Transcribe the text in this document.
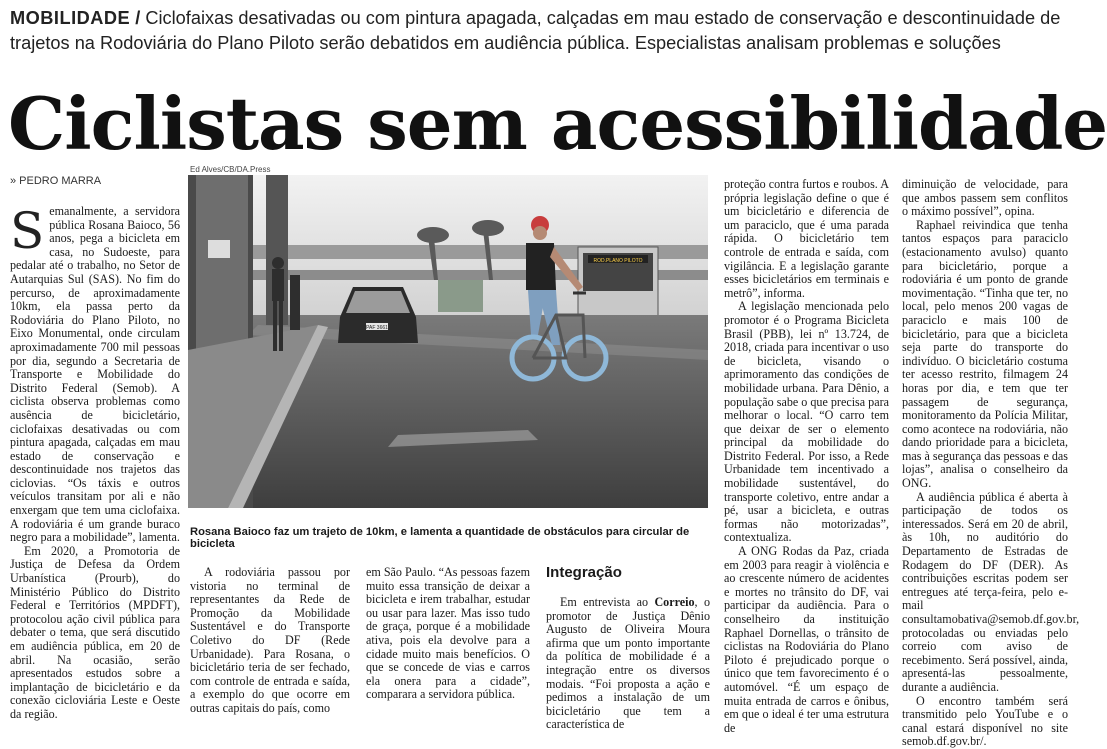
MOBILIDADE / Ciclofaixas desativadas ou com pintura apagada, calçadas em mau estado de conservação e descontinuidade de trajetos na Rodoviária do Plano Piloto serão debatidos em audiência pública. Especialistas analisam problemas e soluções
Ciclistas sem acessibilidade
» PEDRO MARRA

Semanalmente, a servidora pública Rosana Baioco, 56 anos, pega a bicicleta em casa, no Sudoeste, para pedalar até o trabalho, no Setor de Autarquias Sul (SAS). No fim do percurso, de aproximadamente 10km, ela passa perto da Rodoviária do Plano Piloto, no Eixo Monumental, onde circulam aproximadamente 700 mil pessoas por dia, segundo a Secretaria de Transporte e Mobilidade do Distrito Federal (Semob). A ciclista observa problemas como ausência de bicicletário, ciclofaixas desativadas ou com pintura apagada, calçadas em mau estado de conservação e descontinuidade nos trajetos das ciclovias. “Os táxis e outros veículos transitam por ali e não enxergam que tem uma ciclofaixa. A rodoviária é um grande buraco negro para a mobilidade”, lamenta.

Em 2020, a Promotoria de Justiça de Defesa da Ordem Urbanística (Prourb), do Ministério Público do Distrito Federal e Territórios (MPDFT), protocolou ação civil pública para debater o tema, que será discutido em audiência pública, em 20 de abril. Na ocasião, serão apresentados estudos sobre a implantação de bicicletário e da conexão cicloviária Leste e Oeste da região.

Ed Alves/CB/DA.Press
ROD.PLANO PILOTO
PAF 3661
Rosana Baioco faz um trajeto de 10km, e lamenta a quantidade de obstáculos para circular de bicicleta

A rodoviária passou por vistoria no terminal de representantes da Rede de Promoção da Mobilidade Sustentável e do Transporte Coletivo do DF (Rede Urbanidade). Para Rosana, o bicicletário teria de ser fechado, com controle de entrada e saída, a exemplo do que ocorre em outras capitais do país, como

em São Paulo. “As pessoas fazem muito essa transição de deixar a bicicleta e irem trabalhar, estudar ou usar para lazer. Mas isso tudo de graça, porque é a mobilidade ativa, pois ela devolve para a cidade muito mais benefícios. O que se concede de vias e carros ela onera para a cidade”, comparara a servidora pública.

Integração

Em entrevista ao Correio, o promotor de Justiça Dênio Augusto de Oliveira Moura afirma que um ponto importante da política de mobilidade é a integração entre os diversos modais. “Foi proposta a ação e pedimos a instalação de um bicicletário que tem a característica de

proteção contra furtos e roubos. A própria legislação define o que é um bicicletário e diferencia de um paraciclo, que é uma parada rápida. O bicicletário tem controle de entrada e saída, com vigilância. E a legislação garante esses bicicletários em terminais e metrô”, informa.

A legislação mencionada pelo promotor é o Programa Bicicleta Brasil (PBB), lei nº 13.724, de 2018, criada para incentivar o uso de bicicleta, visando o aprimoramento das condições de mobilidade urbana. Para Dênio, a população sabe o que precisa para melhorar o local. “O carro tem que deixar de ser o elemento principal da mobilidade do Distrito Federal. Por isso, a Rede Urbanidade tem incentivado a mobilidade sustentável, do transporte coletivo, entre andar a pé, usar a bicicleta, e outras formas não motorizadas”, contextualiza.

A ONG Rodas da Paz, criada em 2003 para reagir à violência e ao crescente número de acidentes e mortes no trânsito do DF, vai participar da audiência. Para o conselheiro da instituição Raphael Dornellas, o trânsito de ciclistas na Rodoviária do Plano Piloto é prejudicado porque o único que tem favorecimento é o automóvel. “É um espaço de muita entrada de carros e ônibus, em que o ideal é ter uma estrutura de

diminuição de velocidade, para que ambos passem sem conflitos o máximo possível”, opina.

Raphael reivindica que tenha tantos espaços para paraciclo (estacionamento avulso) quanto para bicicletário, porque a rodoviária é um ponto de grande movimentação. “Tinha que ter, no local, pelo menos 200 vagas de paraciclo e mais 100 de bicicletário, para que a bicicleta seja parte do transporte do indivíduo. O bicicletário costuma ter acesso restrito, filmagem 24 horas por dia, e tem que ter passagem de segurança, monitoramento da Polícia Militar, como acontece na rodoviária, não dando prioridade para a bicicleta, mas à segurança das pessoas e das lojas”, analisa o conselheiro da ONG.

A audiência pública é aberta à participação de todos os interessados. Será em 20 de abril, às 10h, no auditório do Departamento de Estradas de Rodagem do DF (DER). As contribuições escritas podem ser entregues até terça-feira, pelo e-mail consultamobativa@semob.df.gov.br, protocoladas ou enviadas pelo correio com aviso de recebimento. Será possível, ainda, apresentá-las pessoalmente, durante a audiência.

O encontro também será transmitido pelo YouTube e o canal estará disponível no site semob.df.gov.br/.
